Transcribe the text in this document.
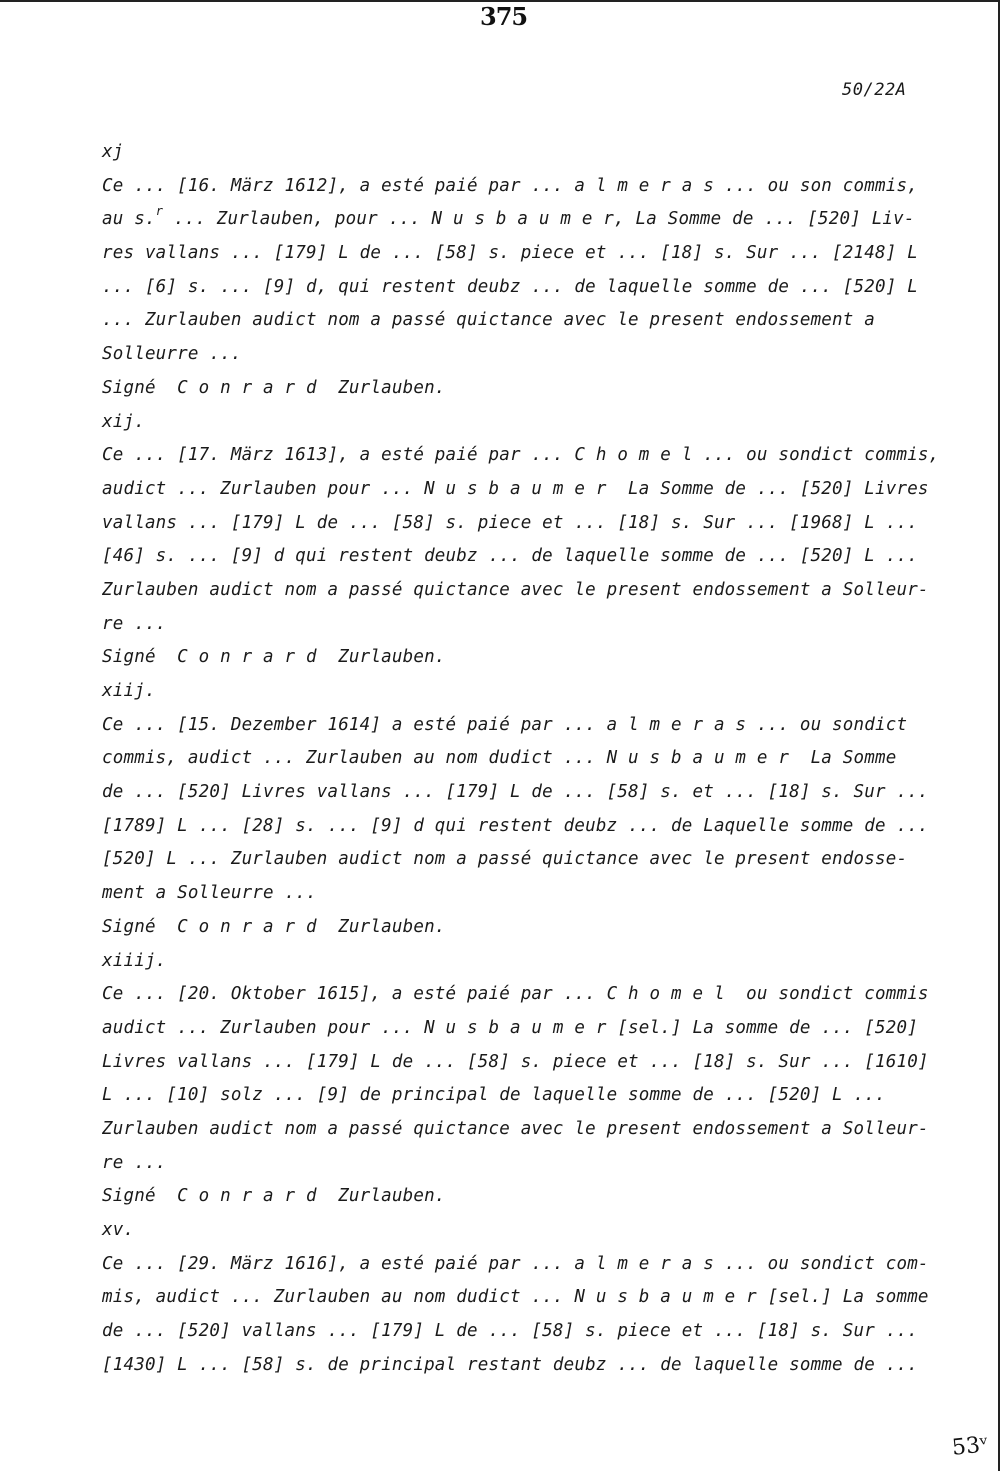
375
50/22A
xj
Ce ... [16. März 1612], a esté paié par ... a l m e r a s ... ou son commis,
au s.$^r$ ... Zurlauben, pour ... N u s b a u m e r, La Somme de ... [520] Liv-
res vallans ... [179] L de ... [58] s. piece et ... [18] s. Sur ... [2148] L
... [6] s. ... [9] d, qui restent deubz ... de laquelle somme de ... [520] L
... Zurlauben audict nom a passé quictance avec le present endossement a
Solleurre ...
Signé  C o n r a r d  Zurlauben.
xij.
Ce ... [17. März 1613], a esté paié par ... C h o m e l ... ou sondict commis,
audict ... Zurlauben pour ... N u s b a u m e r  La Somme de ... [520] Livres
vallans ... [179] L de ... [58] s. piece et ... [18] s. Sur ... [1968] L ...
[46] s. ... [9] d qui restent deubz ... de laquelle somme de ... [520] L ...
Zurlauben audict nom a passé quictance avec le present endossement a Solleur-
re ...
Signé  C o n r a r d  Zurlauben.
xiij.
Ce ... [15. Dezember 1614] a esté paié par ... a l m e r a s ... ou sondict
commis, audict ... Zurlauben au nom dudict ... N u s b a u m e r  La Somme
de ... [520] Livres vallans ... [179] L de ... [58] s. et ... [18] s. Sur ...
[1789] L ... [28] s. ... [9] d qui restent deubz ... de Laquelle somme de ...
[520] L ... Zurlauben audict nom a passé quictance avec le present endosse-
ment a Solleurre ...
Signé  C o n r a r d  Zurlauben.
xiiij.
Ce ... [20. Oktober 1615], a esté paié par ... C h o m e l  ou sondict commis
audict ... Zurlauben pour ... N u s b a u m e r [sel.] La somme de ... [520]
Livres vallans ... [179] L de ... [58] s. piece et ... [18] s. Sur ... [1610]
L ... [10] solz ... [9] de principal de laquelle somme de ... [520] L ...
Zurlauben audict nom a passé quictance avec le present endossement a Solleur-
re ...
Signé  C o n r a r d  Zurlauben.
xv.
Ce ... [29. März 1616], a esté paié par ... a l m e r a s ... ou sondict com-
mis, audict ... Zurlauben au nom dudict ... N u s b a u m e r [sel.] La somme
de ... [520] vallans ... [179] L de ... [58] s. piece et ... [18] s. Sur ...
[1430] L ... [58] s. de principal restant deubz ... de laquelle somme de ...
53ᵛ
